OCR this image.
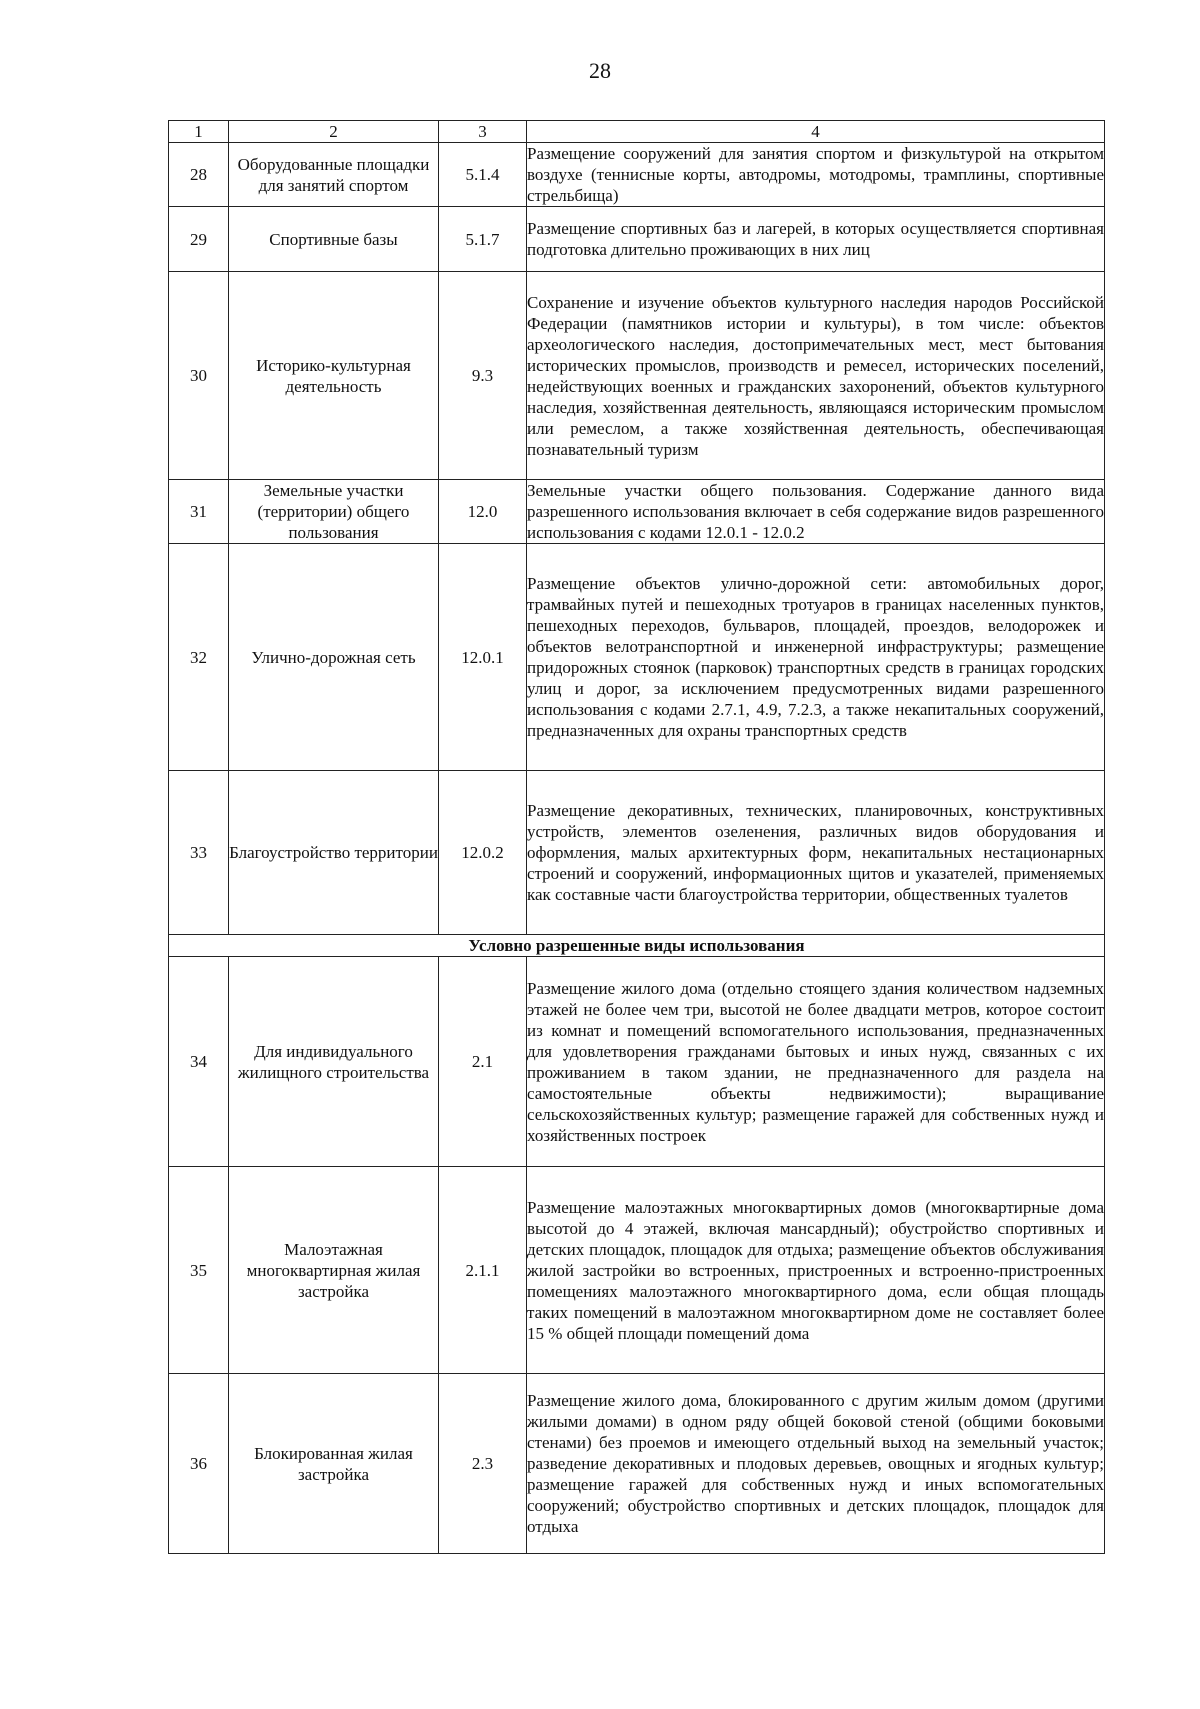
28
1	2	3	4
28	Оборудованные площадки для занятий спортом	5.1.4	Размещение сооружений для занятия спортом и физкультурой на открытом воздухе (теннисные корты, автодромы, мотодромы, трамплины, спортивные стрельбища)
29	Спортивные базы	5.1.7	Размещение спортивных баз и лагерей, в которых осуществляется спортивная подготовка длительно проживающих в них лиц
30	Историко-культурная деятельность	9.3	Сохранение и изучение объектов культурного наследия народов Российской Федерации (памятников истории и культуры), в том числе: объектов археологического наследия, достопримечательных мест, мест бытования исторических промыслов, производств и ремесел, исторических поселений, недействующих военных и гражданских захоронений, объектов культурного наследия, хозяйственная деятельность, являющаяся историческим промыслом или ремеслом, а также хозяйственная деятельность, обеспечивающая познавательный туризм
31	Земельные участки (территории) общего пользования	12.0	Земельные участки общего пользования. Содержание данного вида разрешенного использования включает в себя содержание видов разрешенного использования с кодами 12.0.1 - 12.0.2
32	Улично-дорожная сеть	12.0.1	Размещение объектов улично-дорожной сети: автомобильных дорог, трамвайных путей и пешеходных тротуаров в границах населенных пунктов, пешеходных переходов, бульваров, площадей, проездов, велодорожек и объектов велотранспортной и инженерной инфраструктуры; размещение придорожных стоянок (парковок) транспортных средств в границах городских улиц и дорог, за исключением предусмотренных видами разрешенного использования с кодами 2.7.1, 4.9, 7.2.3, а также некапитальных сооружений, предназначенных для охраны транспортных средств
33	Благоустройство территории	12.0.2	Размещение декоративных, технических, планировочных, конструктивных устройств, элементов озеленения, различных видов оборудования и оформления, малых архитектурных форм, некапитальных нестационарных строений и сооружений, информационных щитов и указателей, применяемых как составные части благоустройства территории, общественных туалетов
Условно разрешенные виды использования			
34	Для индивидуального жилищного строительства	2.1	Размещение жилого дома (отдельно стоящего здания количеством надземных этажей не более чем три, высотой не более двадцати метров, которое состоит из комнат и помещений вспомогательного использования, предназначенных для удовлетворения гражданами бытовых и иных нужд, связанных с их проживанием в таком здании, не предназначенного для раздела на самостоятельные объекты недвижимости); выращивание сельскохозяйственных культур; размещение гаражей для собственных нужд и хозяйственных построек
35	Малоэтажная многоквартирная жилая застройка	2.1.1	Размещение малоэтажных многоквартирных домов (многоквартирные дома высотой до 4 этажей, включая мансардный); обустройство спортивных и детских площадок, площадок для отдыха; размещение объектов обслуживания жилой застройки во встроенных, пристроенных и встроенно-пристроенных помещениях малоэтажного многоквартирного дома, если общая площадь таких помещений в малоэтажном многоквартирном доме не составляет более 15 % общей площади помещений дома
36	Блокированная жилая застройка	2.3	Размещение жилого дома, блокированного с другим жилым домом (другими жилыми домами) в одном ряду общей боковой стеной (общими боковыми стенами) без проемов и имеющего отдельный выход на земельный участок; разведение декоративных и плодовых деревьев, овощных и ягодных культур; размещение гаражей для собственных нужд и иных вспомогательных сооружений; обустройство спортивных и детских площадок, площадок для отдыха
